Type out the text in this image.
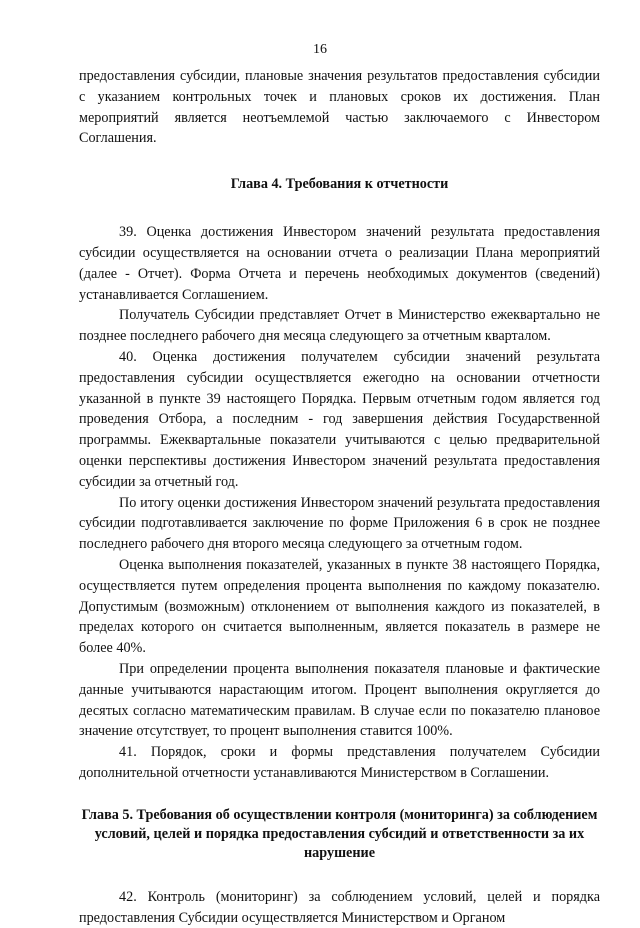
16

предоставления субсидии, плановые значения результатов предоставления субсидии с указанием контрольных точек и плановых сроков их достижения. План мероприятий является неотъемлемой частью заключаемого с Инвестором Соглашения.

Глава 4. Требования к отчетности

39. Оценка достижения Инвестором значений результата предоставления субсидии осуществляется на основании отчета о реализации Плана мероприятий (далее - Отчет). Форма Отчета и перечень необходимых документов (сведений) устанавливается Соглашением.

Получатель Субсидии представляет Отчет в Министерство ежеквартально не позднее последнего рабочего дня месяца следующего за отчетным кварталом.

40. Оценка достижения получателем субсидии значений результата предоставления субсидии осуществляется ежегодно на основании отчетности указанной в пункте 39 настоящего Порядка. Первым отчетным годом является год проведения Отбора, а последним - год завершения действия Государственной программы. Ежеквартальные показатели учитываются с целью предварительной оценки перспективы достижения Инвестором значений результата предоставления субсидии за отчетный год.

По итогу оценки достижения Инвестором значений результата предоставления субсидии подготавливается заключение по форме Приложения 6 в срок не позднее последнего рабочего дня второго месяца следующего за отчетным годом.

Оценка выполнения показателей, указанных в пункте 38 настоящего Порядка, осуществляется путем определения процента выполнения по каждому показателю. Допустимым (возможным) отклонением от выполнения каждого из показателей, в пределах которого он считается выполненным, является показатель в размере не более 40%.

При определении процента выполнения показателя плановые и фактические данные учитываются нарастающим итогом. Процент выполнения округляется до десятых согласно математическим правилам. В случае если по показателю плановое значение отсутствует, то процент выполнения ставится 100%.

41. Порядок, сроки и формы представления получателем Субсидии дополнительной отчетности устанавливаются Министерством в Соглашении.

Глава 5. Требования об осуществлении контроля (мониторинга) за соблюдением условий, целей и порядка предоставления субсидий и ответственности за их нарушение

42. Контроль (мониторинг) за соблюдением условий, целей и порядка предоставления Субсидии осуществляется Министерством и Органом
